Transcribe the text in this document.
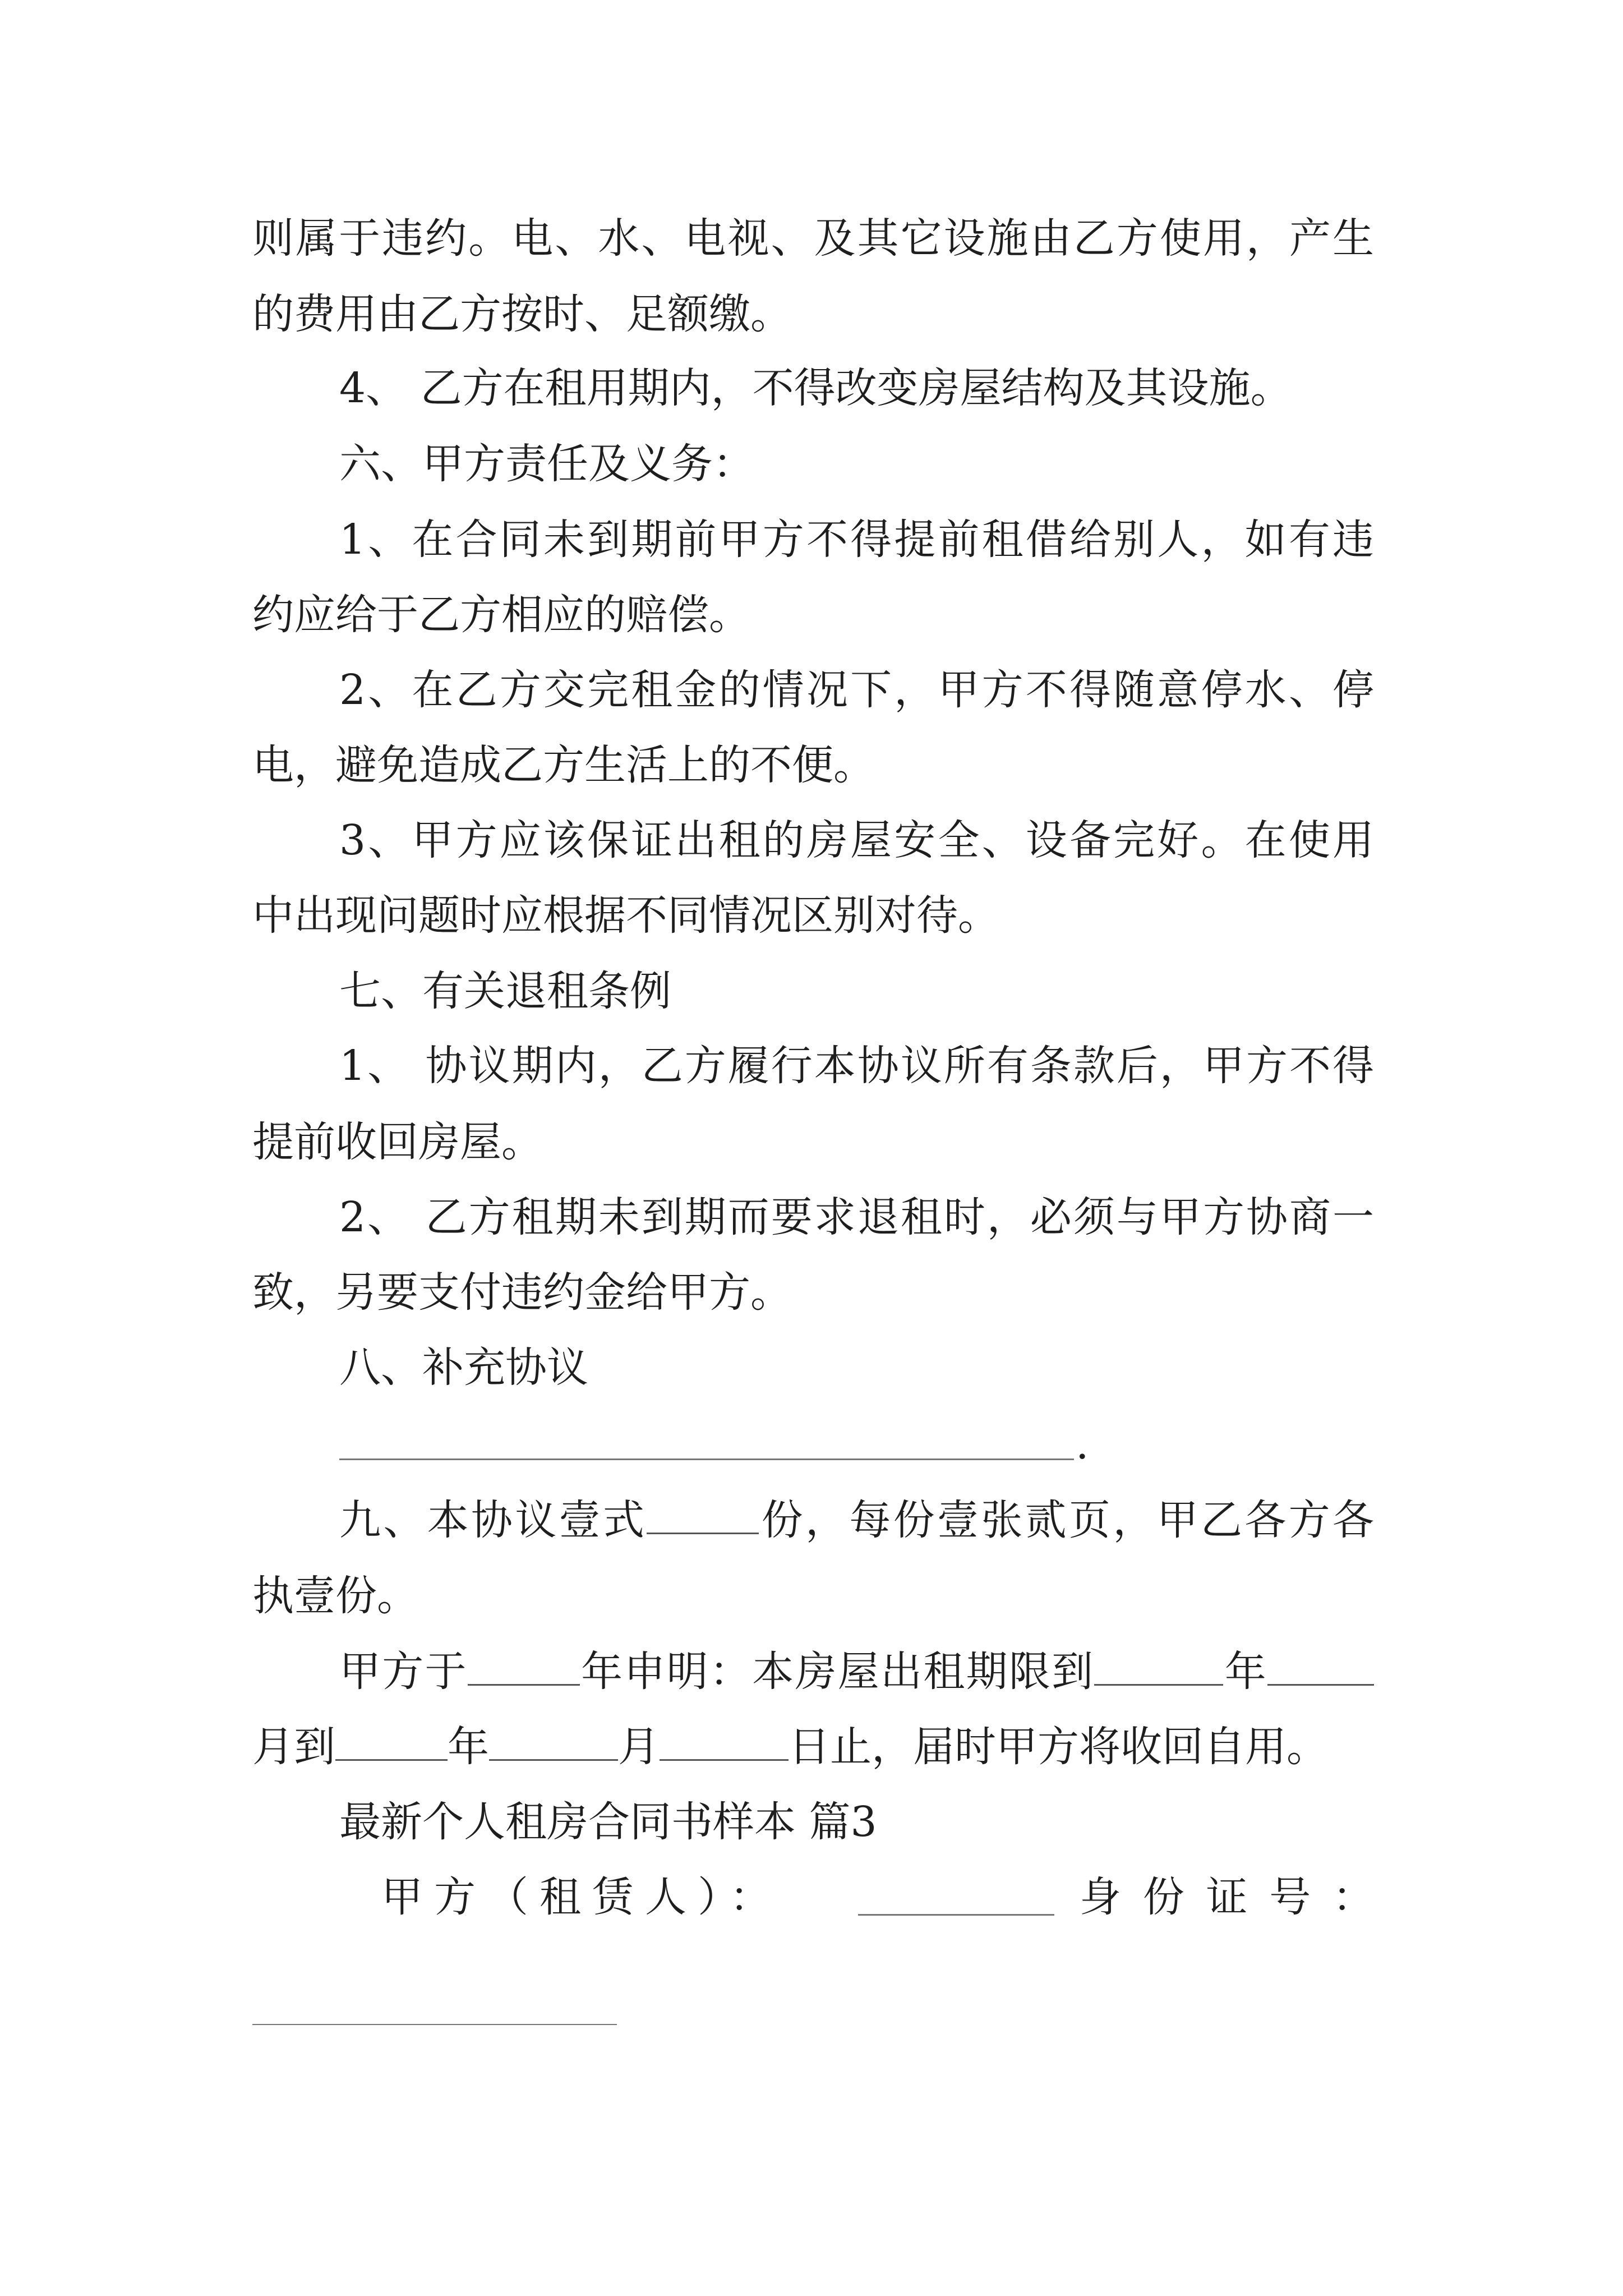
则属于违约。电、水、电视、及其它设施由乙方使用，产生
的费用由乙方按时、足额缴。
4、 乙方在租用期内，不得改变房屋结构及其设施。
六、甲方责任及义务：
1、在合同未到期前甲方不得提前租借给别人，如有违
约应给于乙方相应的赔偿。
2、在乙方交完租金的情况下，甲方不得随意停水、停
电，避免造成乙方生活上的不便。
3、甲方应该保证出租的房屋安全、设备完好。在使用
中出现问题时应根据不同情况区别对待。
七、有关退租条例
1、 协议期内，乙方履行本协议所有条款后，甲方不得
提前收回房屋。
2、 乙方租期未到期而要求退租时，必须与甲方协商一
致，另要支付违约金给甲方。
八、补充协议
.
九、本协议壹式	份，每份壹张贰页，甲乙各方各
执壹份。
甲方于	年申明：本房屋出租期限到	年
月到	年	月	日止，届时甲方将收回自用。
最新个人租房合同书样本 篇3
甲方（租赁人）：	身份证号：
